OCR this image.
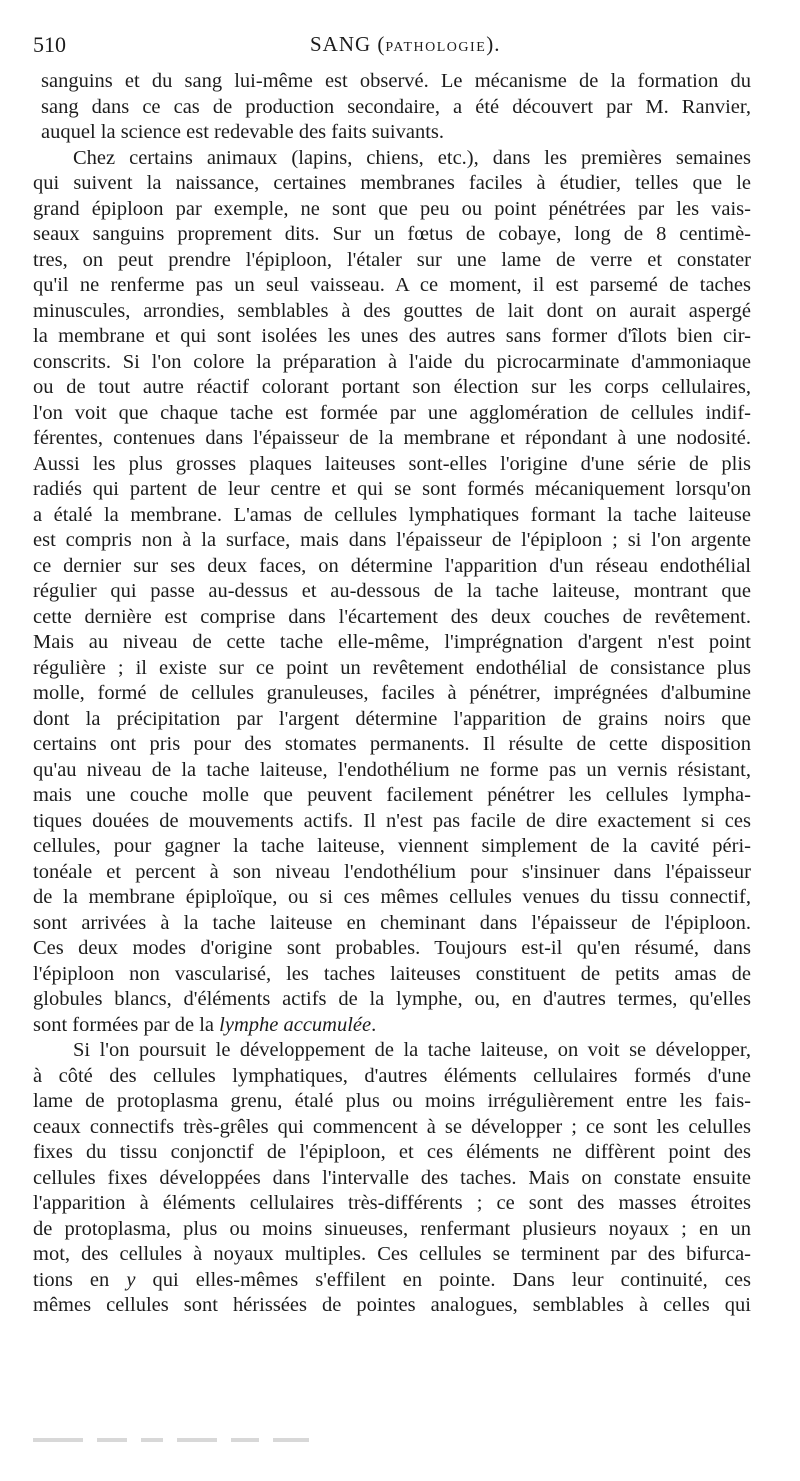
510	SANG (PATHOLOGIE).
sanguins et du sang lui-même est observé. Le mécanisme de la formation du
sang dans ce cas de production secondaire, a été découvert par M. Ranvier,
auquel la science est redevable des faits suivants.
Chez certains animaux (lapins, chiens, etc.), dans les premières semaines
qui suivent la naissance, certaines membranes faciles à étudier, telles que le
grand épiploon par exemple, ne sont que peu ou point pénétrées par les vais-
seaux sanguins proprement dits. Sur un fœtus de cobaye, long de 8 centimè-
tres, on peut prendre l'épiploon, l'étaler sur une lame de verre et constater
qu'il ne renferme pas un seul vaisseau. A ce moment, il est parsemé de taches
minuscules, arrondies, semblables à des gouttes de lait dont on aurait aspergé
la membrane et qui sont isolées les unes des autres sans former d'îlots bien cir-
conscrits. Si l'on colore la préparation à l'aide du picrocarminate d'ammoniaque
ou de tout autre réactif colorant portant son élection sur les corps cellulaires,
l'on voit que chaque tache est formée par une agglomération de cellules indif-
férentes, contenues dans l'épaisseur de la membrane et répondant à une nodosité.
Aussi les plus grosses plaques laiteuses sont-elles l'origine d'une série de plis
radiés qui partent de leur centre et qui se sont formés mécaniquement lorsqu'on
a étalé la membrane. L'amas de cellules lymphatiques formant la tache laiteuse
est compris non à la surface, mais dans l'épaisseur de l'épiploon ; si l'on argente
ce dernier sur ses deux faces, on détermine l'apparition d'un réseau endothélial
régulier qui passe au-dessus et au-dessous de la tache laiteuse, montrant que
cette dernière est comprise dans l'écartement des deux couches de revêtement.
Mais au niveau de cette tache elle-même, l'imprégnation d'argent n'est point
régulière ; il existe sur ce point un revêtement endothélial de consistance plus
molle, formé de cellules granuleuses, faciles à pénétrer, imprégnées d'albumine
dont la précipitation par l'argent détermine l'apparition de grains noirs que
certains ont pris pour des stomates permanents. Il résulte de cette disposition
qu'au niveau de la tache laiteuse, l'endothélium ne forme pas un vernis résistant,
mais une couche molle que peuvent facilement pénétrer les cellules lympha-
tiques douées de mouvements actifs. Il n'est pas facile de dire exactement si ces
cellules, pour gagner la tache laiteuse, viennent simplement de la cavité péri-
tonéale et percent à son niveau l'endothélium pour s'insinuer dans l'épaisseur
de la membrane épiploïque, ou si ces mêmes cellules venues du tissu connectif,
sont arrivées à la tache laiteuse en cheminant dans l'épaisseur de l'épiploon.
Ces deux modes d'origine sont probables. Toujours est-il qu'en résumé, dans
l'épiploon non vascularisé, les taches laiteuses constituent de petits amas de
globules blancs, d'éléments actifs de la lymphe, ou, en d'autres termes, qu'elles
sont formées par de la lymphe accumulée.
Si l'on poursuit le développement de la tache laiteuse, on voit se développer,
à côté des cellules lymphatiques, d'autres éléments cellulaires formés d'une
lame de protoplasma grenu, étalé plus ou moins irrégulièrement entre les fais-
ceaux connectifs très-grêles qui commencent à se développer ; ce sont les celulles
fixes du tissu conjonctif de l'épiploon, et ces éléments ne diffèrent point des
cellules fixes développées dans l'intervalle des taches. Mais on constate ensuite
l'apparition à éléments cellulaires très-différents ; ce sont des masses étroites
de protoplasma, plus ou moins sinueuses, renfermant plusieurs noyaux ; en un
mot, des cellules à noyaux multiples. Ces cellules se terminent par des bifurca-
tions en y qui elles-mêmes s'effilent en pointe. Dans leur continuité, ces
mêmes cellules sont hérissées de pointes analogues, semblables à celles qui
